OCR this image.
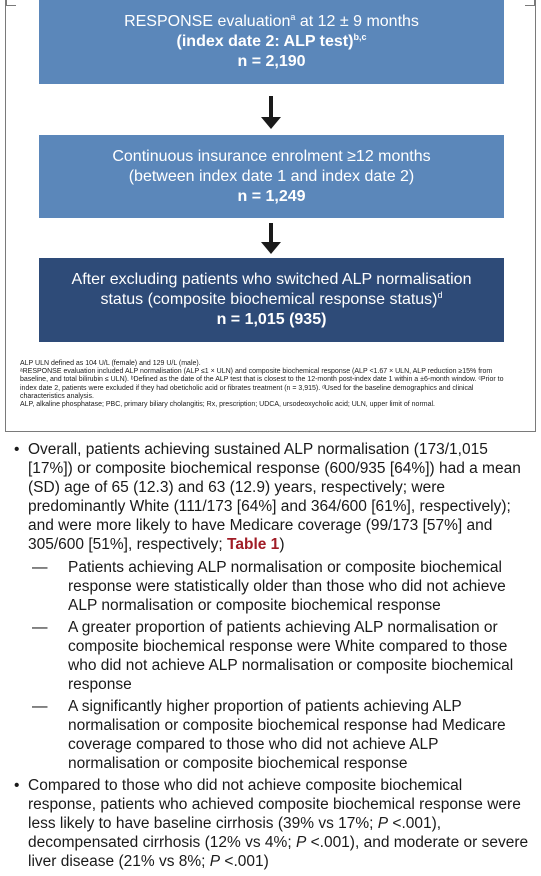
RESPONSE evaluation$^a$ at 12 ± 9 months
(index date 2: ALP test)$^{b,c}$
n = 2,190
Continuous insurance enrolment ≥12 months
(between index date 1 and index date 2)
n = 1,249
After excluding patients who switched ALP normalisation
status (composite biochemical response status)$^d$
n = 1,015 (935)

ALP ULN defined as 104 U/L (female) and 129 U/L (male).

ᵃRESPONSE evaluation included ALP normalisation (ALP ≤1 × ULN) and composite biochemical response (ALP <1.67 × ULN, ALP reduction ≥15% from baseline, and total bilirubin ≤ ULN). ᵇDefined as the date of the ALP test that is closest to the 12-month post-index date 1 within a ±6-month window. ᶜPrior to index date 2, patients were excluded if they had obeticholic acid or fibrates treatment (n = 3,915). ᵈUsed for the baseline demographics and clinical characteristics analysis.

ALP, alkaline phosphatase; PBC, primary biliary cholangitis; Rx, prescription; UDCA, ursodeoxycholic acid; ULN, upper limit of normal.

• Overall, patients achieving sustained ALP normalisation (173/1,015 [17%]) or composite biochemical response (600/935 [64%]) had a mean (SD) age of 65 (12.3) and 63 (12.9) years, respectively; were predominantly White (111/173 [64%] and 364/600 [61%], respectively); and were more likely to have Medicare coverage (99/173 [57%] and 305/600 [51%], respectively; Table 1)
— Patients achieving ALP normalisation or composite biochemical response were statistically older than those who did not achieve ALP normalisation or composite biochemical response
— A greater proportion of patients achieving ALP normalisation or composite biochemical response were White compared to those who did not achieve ALP normalisation or composite biochemical response
— A significantly higher proportion of patients achieving ALP normalisation or composite biochemical response had Medicare coverage compared to those who did not achieve ALP normalisation or composite biochemical response
• Compared to those who did not achieve composite biochemical response, patients who achieved composite biochemical response were less likely to have baseline cirrhosis (39% vs 17%; P <.001), decompensated cirrhosis (12% vs 4%; P <.001), and moderate or severe liver disease (21% vs 8%; P <.001)
